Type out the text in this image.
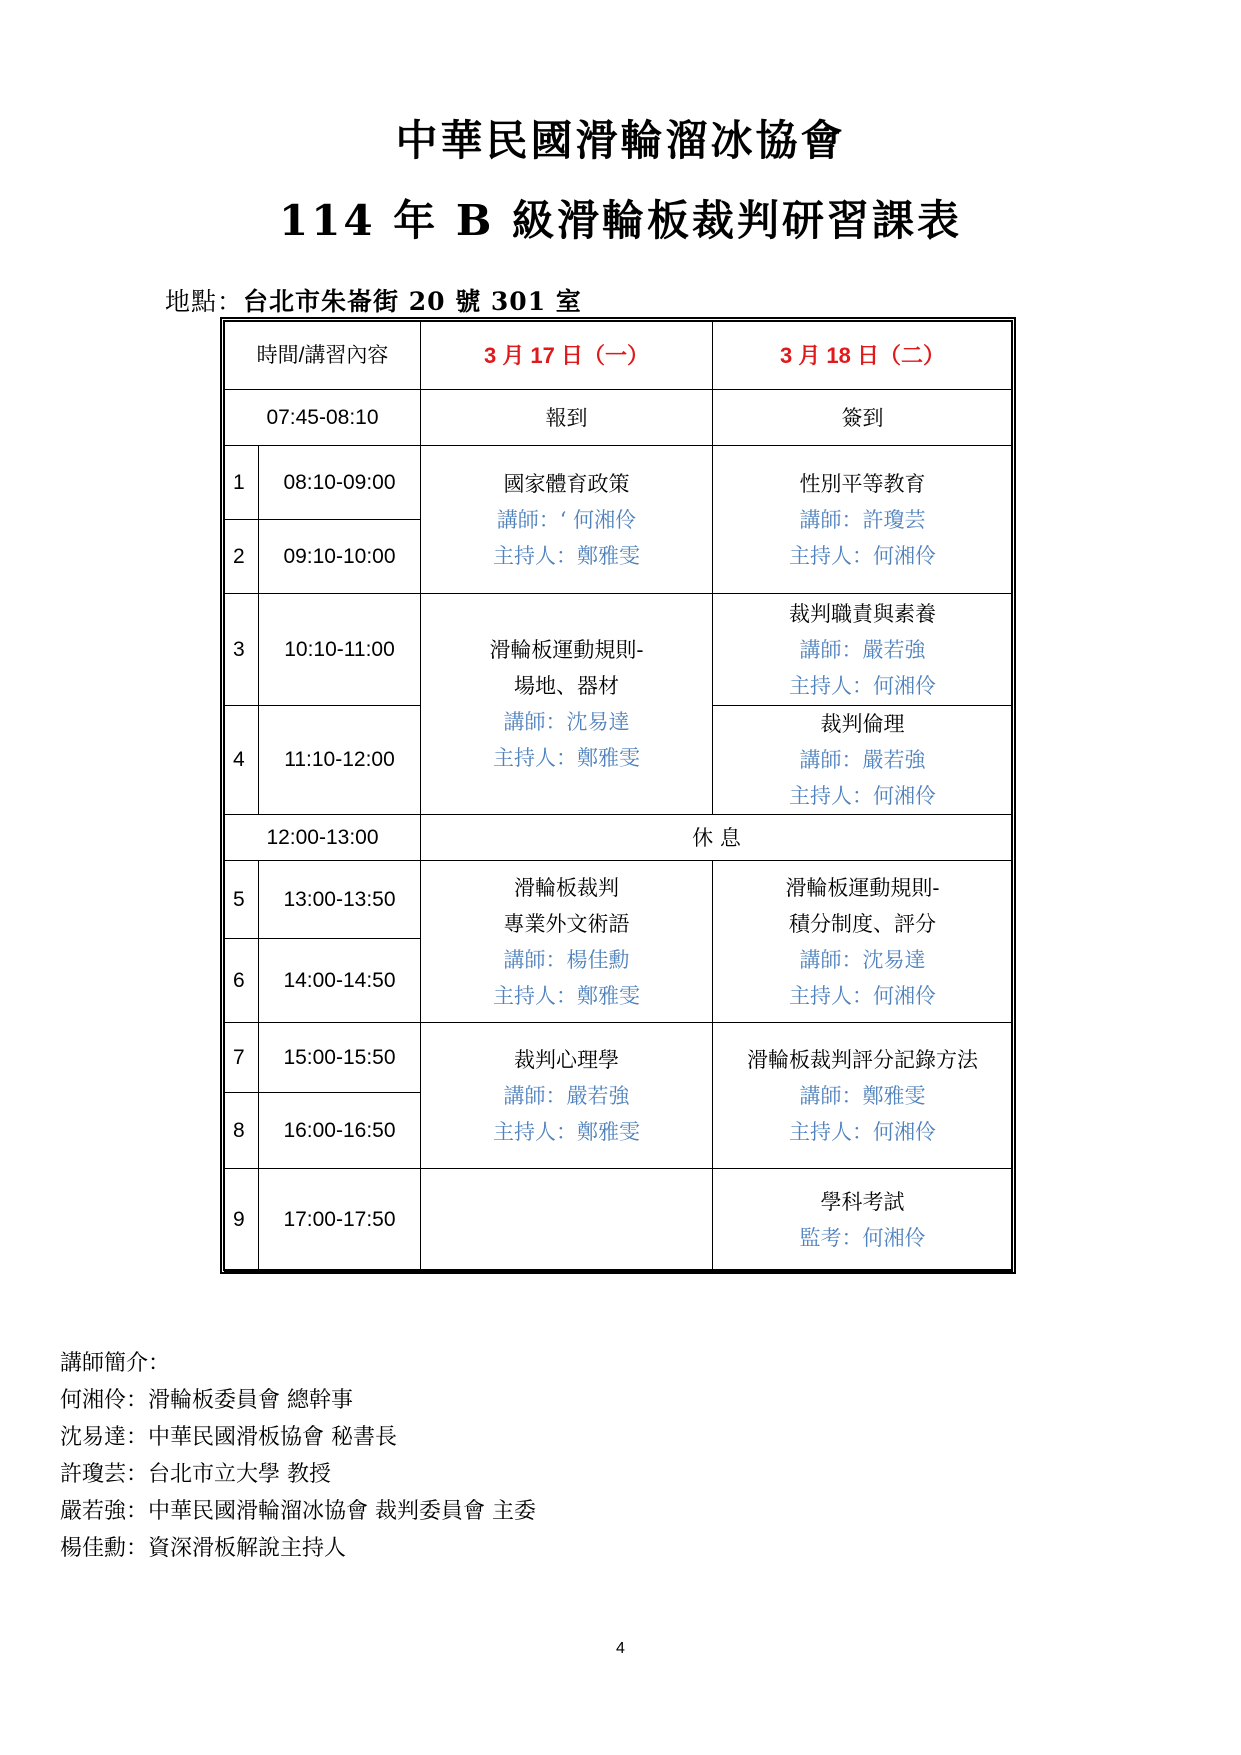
中華民國滑輪溜冰協會
114 年 B 級滑輪板裁判研習課表
地點：台北市朱崙街 20 號 301 室
時間/講習內容		3 月 17 日（一）	3 月 18 日（二）
07:45-08:10		報到	簽到
1	08:10-09:00	國家體育政策
講師：‘ 何湘伶
主持人：鄭雅雯	性別平等教育
講師：許瓊芸
主持人：何湘伶

2	09:10-10:00		
3	10:10-11:00	滑輪板運動規則-
場地、器材
講師：沈易達
主持人：鄭雅雯	裁判職責與素養
講師：嚴若強
主持人：何湘伶

4	11:10-12:00		裁判倫理
講師：嚴若強
主持人：何湘伶

12:00-13:00		休 息	
5	13:00-13:50	滑輪板裁判
專業外文術語
講師：楊佳勳
主持人：鄭雅雯	滑輪板運動規則-
積分制度、評分
講師：沈易達
主持人：何湘伶

6	14:00-14:50		
7	15:00-15:50	裁判心理學
講師：嚴若強
主持人：鄭雅雯	滑輪板裁判評分記錄方法
講師：鄭雅雯
主持人：何湘伶

8	16:00-16:50		
9	17:00-17:50		學科考試
監考：何湘伶
講師簡介：
何湘伶：滑輪板委員會 總幹事
沈易達：中華民國滑板協會 秘書長
許瓊芸：台北市立大學 教授
嚴若強：中華民國滑輪溜冰協會 裁判委員會 主委
楊佳勳：資深滑板解說主持人
4
